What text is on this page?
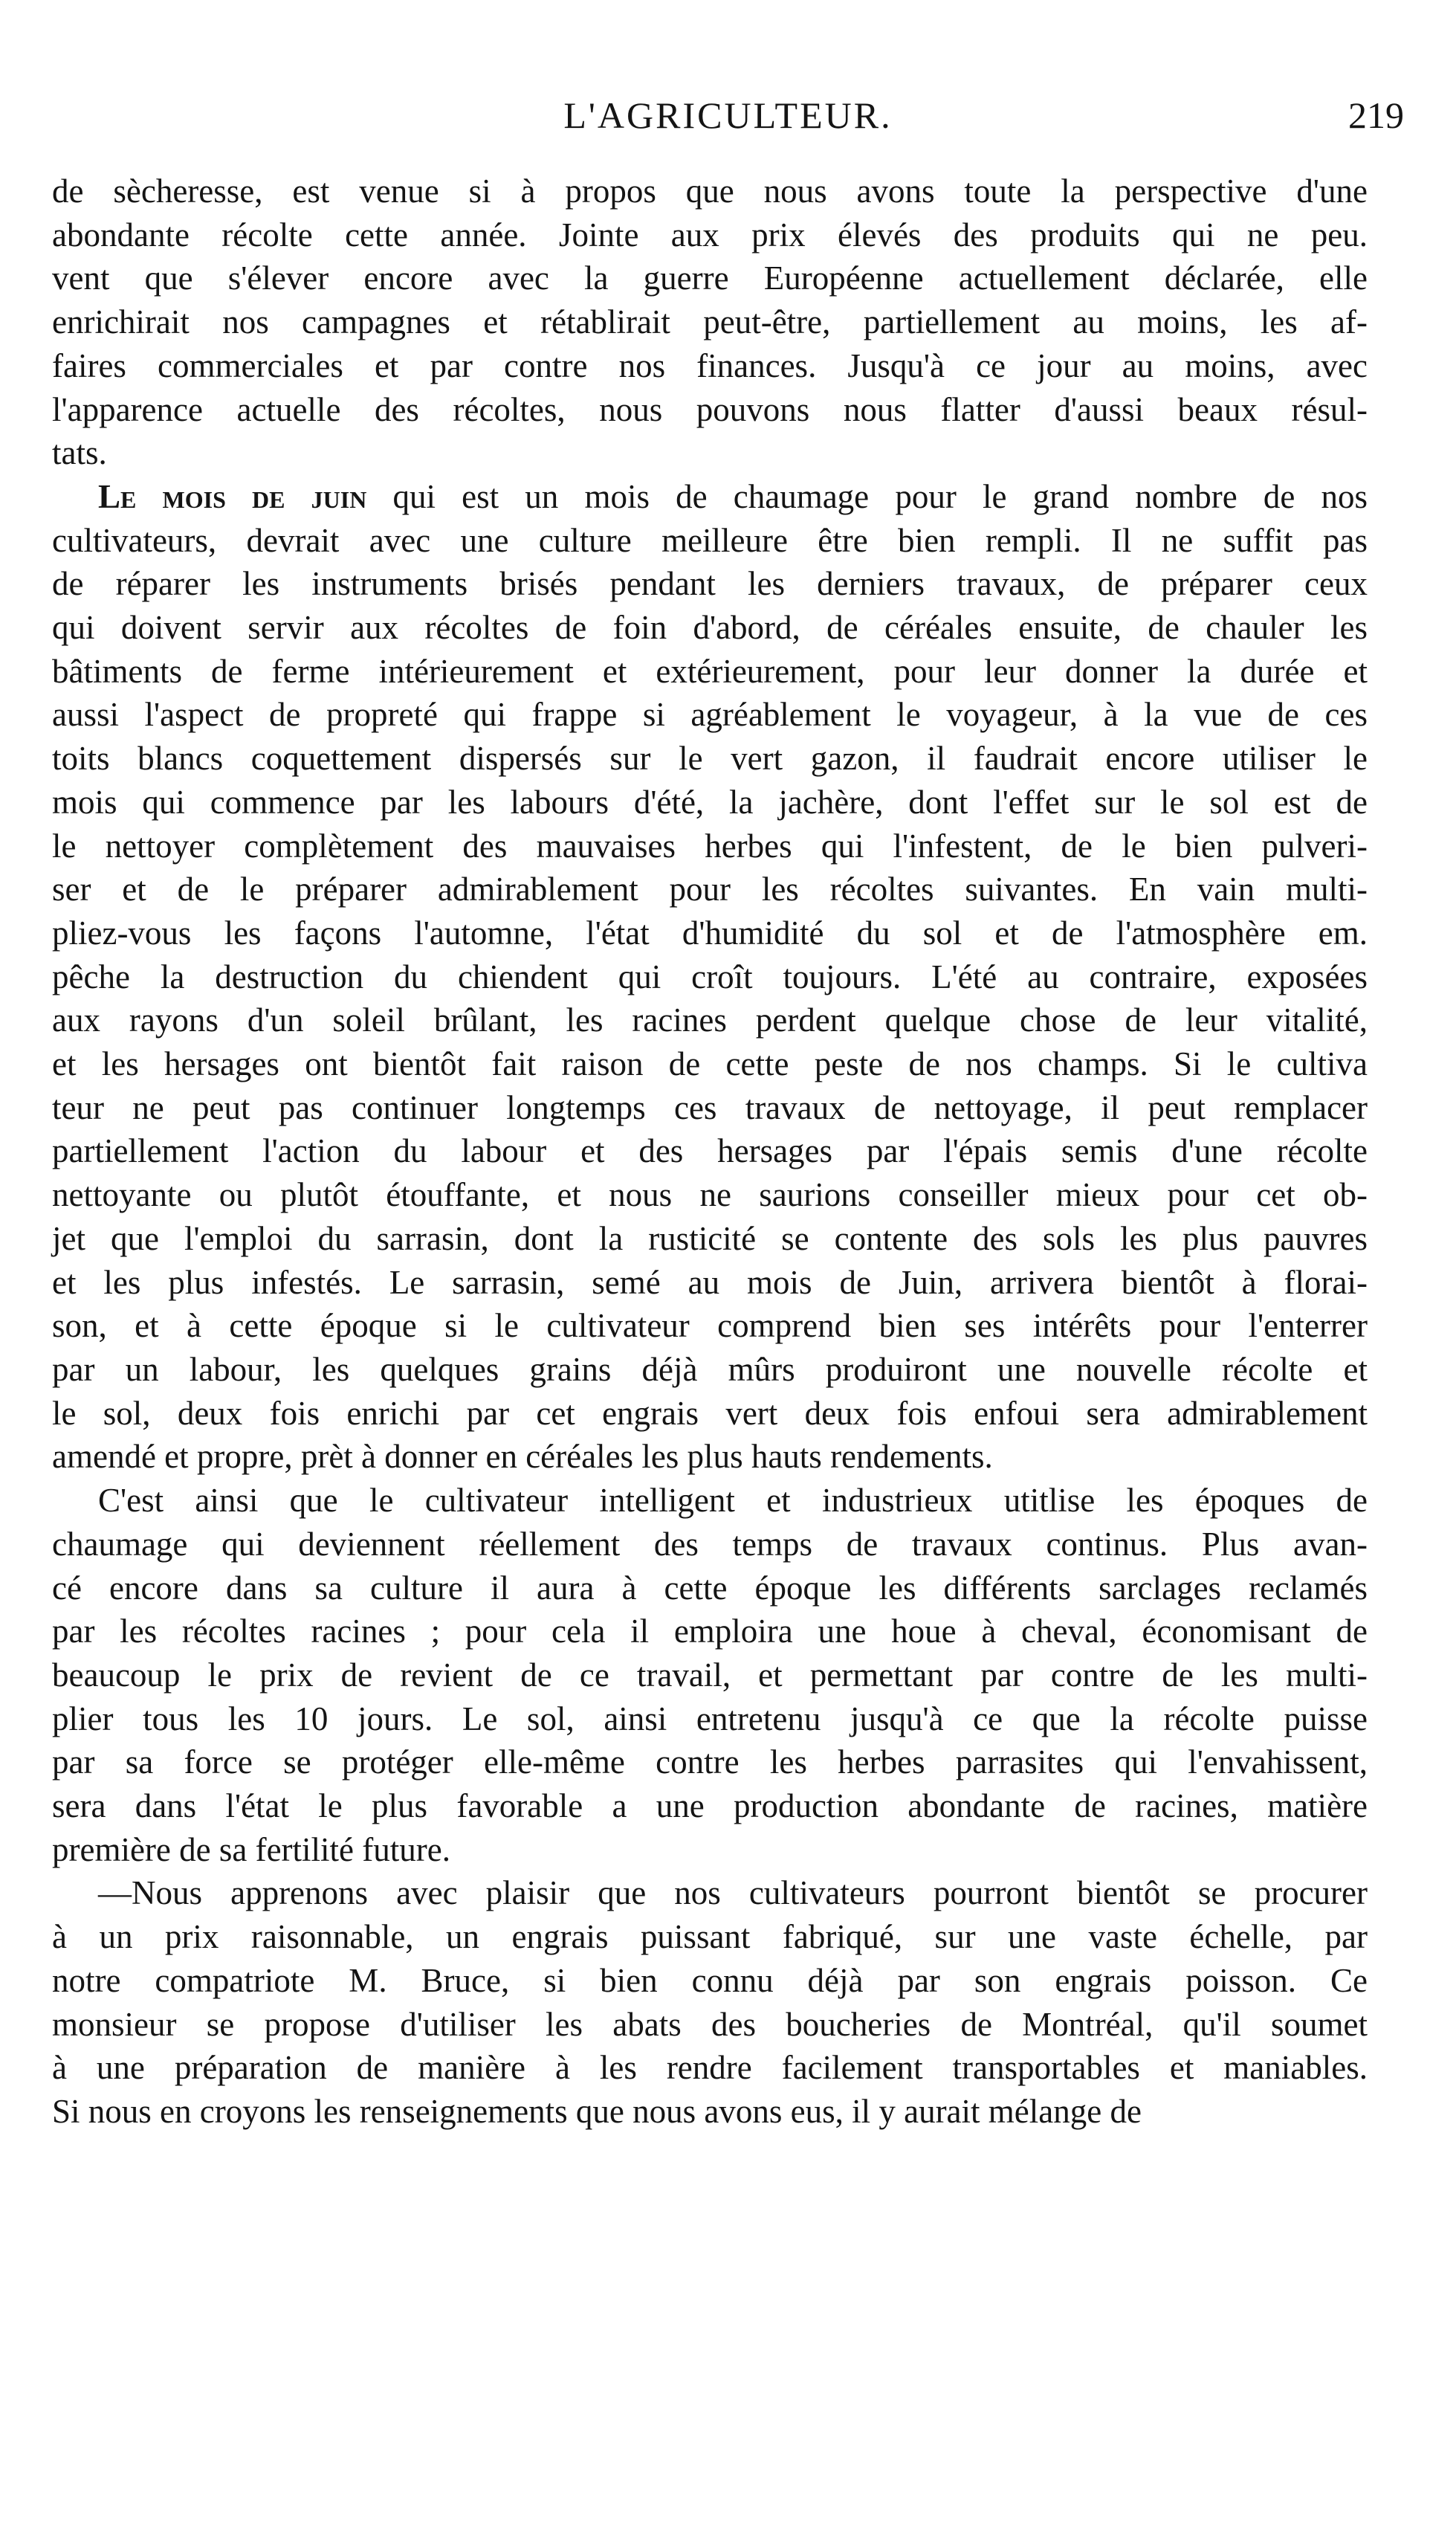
L'AGRICULTEUR.	219
de sècheresse, est venue si à propos que nous avons toute la perspective d'une
abondante récolte cette année. Jointe aux prix élevés des produits qui ne peu.
vent que s'élever encore avec la guerre Européenne actuellement déclarée, elle
enrichirait nos campagnes et rétablirait peut-être, partiellement au moins, les af-
faires commerciales et par contre nos finances. Jusqu'à ce jour au moins, avec
l'apparence actuelle des récoltes, nous pouvons nous flatter d'aussi beaux résul-
tats.
Le mois de juin qui est un mois de chaumage pour le grand nombre de nos
cultivateurs, devrait avec une culture meilleure être bien rempli. Il ne suffit pas
de réparer les instruments brisés pendant les derniers travaux, de préparer ceux
qui doivent servir aux récoltes de foin d'abord, de céréales ensuite, de chauler les
bâtiments de ferme intérieurement et extérieurement, pour leur donner la durée et
aussi l'aspect de propreté qui frappe si agréablement le voyageur, à la vue de ces
toits blancs coquettement dispersés sur le vert gazon, il faudrait encore utiliser le
mois qui commence par les labours d'été, la jachère, dont l'effet sur le sol est de
le nettoyer complètement des mauvaises herbes qui l'infestent, de le bien pulveri-
ser et de le préparer admirablement pour les récoltes suivantes. En vain multi-
pliez-vous les façons l'automne, l'état d'humidité du sol et de l'atmosphère em.
pêche la destruction du chiendent qui croît toujours. L'été au contraire, exposées
aux rayons d'un soleil brûlant, les racines perdent quelque chose de leur vitalité,
et les hersages ont bientôt fait raison de cette peste de nos champs. Si le cultiva
teur ne peut pas continuer longtemps ces travaux de nettoyage, il peut remplacer
partiellement l'action du labour et des hersages par l'épais semis d'une récolte
nettoyante ou plutôt étouffante, et nous ne saurions conseiller mieux pour cet ob-
jet que l'emploi du sarrasin, dont la rusticité se contente des sols les plus pauvres
et les plus infestés. Le sarrasin, semé au mois de Juin, arrivera bientôt à florai-
son, et à cette époque si le cultivateur comprend bien ses intérêts pour l'enterrer
par un labour, les quelques grains déjà mûrs produiront une nouvelle récolte et
le sol, deux fois enrichi par cet engrais vert deux fois enfoui sera admirablement
amendé et propre, prèt à donner en céréales les plus hauts rendements.
C'est ainsi que le cultivateur intelligent et industrieux utitlise les époques de
chaumage qui deviennent réellement des temps de travaux continus. Plus avan-
cé encore dans sa culture il aura à cette époque les différents sarclages reclamés
par les récoltes racines ; pour cela il emploira une houe à cheval, économisant de
beaucoup le prix de revient de ce travail, et permettant par contre de les multi-
plier tous les 10 jours. Le sol, ainsi entretenu jusqu'à ce que la récolte puisse
par sa force se protéger elle-même contre les herbes parrasites qui l'envahissent,
sera dans l'état le plus favorable a une production abondante de racines, matière
première de sa fertilité future.
—Nous apprenons avec plaisir que nos cultivateurs pourront bientôt se procurer
à un prix raisonnable, un engrais puissant fabriqué, sur une vaste échelle, par
notre compatriote M. Bruce, si bien connu déjà par son engrais poisson. Ce
monsieur se propose d'utiliser les abats des boucheries de Montréal, qu'il soumet
à une préparation de manière à les rendre facilement transportables et maniables.
Si nous en croyons les renseignements que nous avons eus, il y aurait mélange de
